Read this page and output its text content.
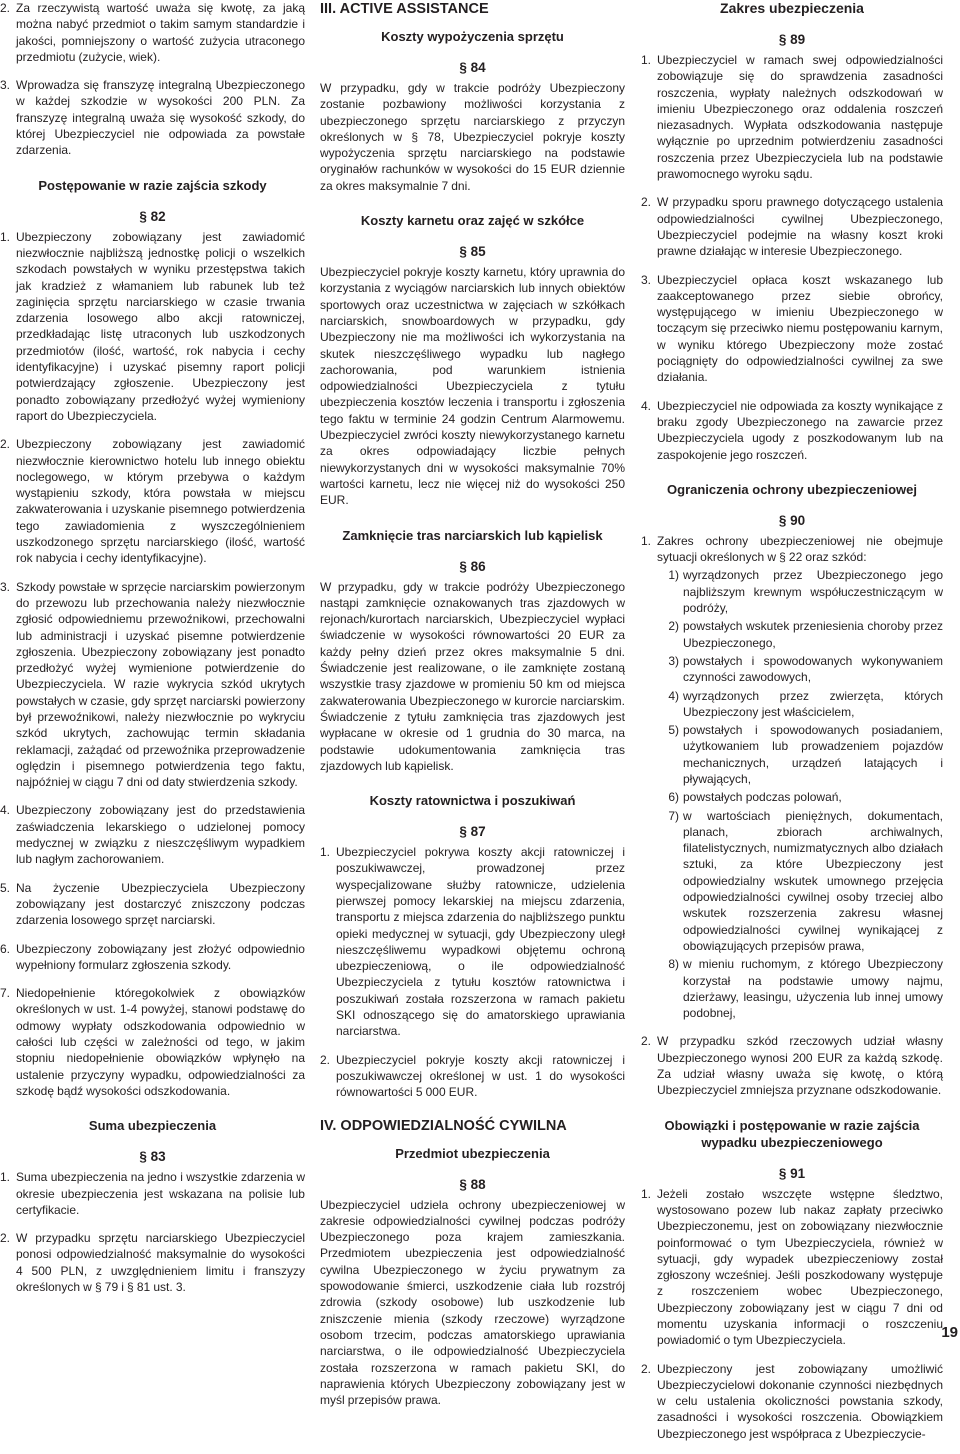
2. Za rzeczywistą wartość uważa się kwotę, za jaką można nabyć przedmiot o takim samym standardzie i jakości, pomniejszony o wartość zużycia utraconego przedmiotu (zużycie, wiek).

3. Wprowadza się franszyzę integralną Ubezpieczonego w każdej szkodzie w wysokości 200 PLN. Za franszyzę integralną uważa się wysokość szkody, do której Ubezpieczyciel nie odpowiada za powstałe zdarzenia.

Postępowanie w razie zajścia szkody
§ 82
1. Ubezpieczony zobowiązany jest zawiadomić niezwłocznie najbliższą jednostkę policji o wszelkich szkodach powstałych w wyniku przestępstwa takich jak kradzież z włamaniem lub rabunek lub też zaginięcia sprzętu narciarskiego w czasie trwania zdarzenia losowego albo akcji ratowniczej, przedkładając listę utraconych lub uszkodzonych przedmiotów (ilość, wartość, rok nabycia i cechy identyfikacyjne) i uzyskać pisemny raport policji potwierdzający zgłoszenie. Ubezpieczony jest ponadto zobowiązany przedłożyć wyżej wymieniony raport do Ubezpieczyciela.

2. Ubezpieczony zobowiązany jest zawiadomić niezwłocznie kierownictwo hotelu lub innego obiektu noclegowego, w którym przebywa o każdym wystąpieniu szkody, która powstała w miejscu zakwaterowania i uzyskanie pisemnego potwierdzenia tego zawiadomienia z wyszczególnieniem uszkodzonego sprzętu narciarskiego (ilość, wartość rok nabycia i cechy identyfikacyjne).

3. Szkody powstałe w sprzęcie narciarskim powierzonym do przewozu lub przechowania należy niezwłocznie zgłosić odpowiedniemu przewoźnikowi, przechowalni lub administracji i uzyskać pisemne potwierdzenie zgłoszenia. Ubezpieczony zobowiązany jest ponadto przedłożyć wyżej wymienione potwierdzenie do Ubezpieczyciela. W razie wykrycia szkód ukrytych powstałych w czasie, gdy sprzęt narciarski powierzony był przewoźnikowi, należy niezwłocznie po wykryciu szkód ukrytych, zachowując termin składania reklamacji, zażądać od przewoźnika przeprowadzenie oględzin i pisemnego potwierdzenia tego faktu, najpóźniej w ciągu 7 dni od daty stwierdzenia szkody.

4. Ubezpieczony zobowiązany jest do przedstawienia zaświadczenia lekarskiego o udzielonej pomocy medycznej w związku z nieszczęśliwym wypadkiem lub nagłym zachorowaniem.

5. Na życzenie Ubezpieczyciela Ubezpieczony zobowiązany jest dostarczyć zniszczony podczas zdarzenia losowego sprzęt narciarski.

6. Ubezpieczony zobowiązany jest złożyć odpowiednio wypełniony formularz zgłoszenia szkody.

7. Niedopełnienie któregokolwiek z obowiązków określonych w ust. 1-4 powyżej, stanowi podstawę do odmowy wypłaty odszkodowania odpowiednio w całości lub części w zależności od tego, w jakim stopniu niedopełnienie obowiązków wpłynęło na ustalenie przyczyny wypadku, odpowiedzialności za szkodę bądź wysokości odszkodowania.

Suma ubezpieczenia
§ 83
1. Suma ubezpieczenia na jedno i wszystkie zdarzenia w okresie ubezpieczenia jest wskazana na polisie lub certyfikacie.

2. W przypadku sprzętu narciarskiego Ubezpieczyciel ponosi odpowiedzialność maksymalnie do wysokości 4 500 PLN, z uwzględnieniem limitu i franszyzy określonych w § 79 i § 81 ust. 3.

III. ACTIVE ASSISTANCE
Koszty wypożyczenia sprzętu
§ 84

W przypadku, gdy w trakcie podróży Ubezpieczony zostanie pozbawiony możliwości korzystania z ubezpieczonego sprzętu narciarskiego z przyczyn określonych w § 78, Ubezpieczyciel pokryje koszty wypożyczenia sprzętu narciarskiego na podstawie oryginałów rachunków w wysokości do 15 EUR dziennie za okres maksymalnie 7 dni.

Koszty karnetu oraz zajęć w szkółce
§ 85

Ubezpieczyciel pokryje koszty karnetu, który uprawnia do korzystania z wyciągów narciarskich lub innych obiektów sportowych oraz uczestnictwa w zajęciach w szkółkach narciarskich, snowboardowych w przypadku, gdy Ubezpieczony nie ma możliwości ich wykorzystania na skutek nieszczęśliwego wypadku lub nagłego zachorowania, pod warunkiem istnienia odpowiedzialności Ubezpieczyciela z tytułu ubezpieczenia kosztów leczenia i transportu i zgłoszenia tego faktu w terminie 24 godzin Centrum Alarmowemu. Ubezpieczyciel zwróci koszty niewykorzystanego karnetu za okres odpowiadający liczbie pełnych niewykorzystanych dni w wysokości maksymalnie 70% wartości karnetu, lecz nie więcej niż do wysokości 250 EUR.

Zamknięcie tras narciarskich lub kąpielisk
§ 86

W przypadku, gdy w trakcie podróży Ubezpieczonego nastąpi zamknięcie oznakowanych tras zjazdowych w rejonach/kurortach narciarskich, Ubezpieczyciel wypłaci świadczenie w wysokości równowartości 20 EUR za każdy pełny dzień przez okres maksymalnie 5 dni. Świadczenie jest realizowane, o ile zamknięte zostaną wszystkie trasy zjazdowe w promieniu 50 km od miejsca zakwaterowania Ubezpieczonego w kurorcie narciarskim. Świadczenie z tytułu zamknięcia tras zjazdowych jest wypłacane w okresie od 1 grudnia do 30 marca, na podstawie udokumentowania zamknięcia tras zjazdowych lub kąpielisk.

Koszty ratownictwa i poszukiwań
§ 87
1. Ubezpieczyciel pokrywa koszty akcji ratowniczej i poszukiwawczej, prowadzonej przez wyspecjalizowane służby ratownicze, udzielenia pierwszej pomocy lekarskiej na miejscu zdarzenia, transportu z miejsca zdarzenia do najbliższego punktu opieki medycznej w sytuacji, gdy Ubezpieczony uległ nieszczęśliwemu wypadkowi objętemu ochroną ubezpieczeniową, o ile odpowiedzialność Ubezpieczyciela z tytułu kosztów ratownictwa i poszukiwań została rozszerzona w ramach pakietu SKI odnoszącego się do amatorskiego uprawiania narciarstwa.

2. Ubezpieczyciel pokryje koszty akcji ratowniczej i poszukiwawczej określonej w ust. 1 do wysokości równowartości 5 000 EUR.

IV. ODPOWIEDZIALNOŚĆ CYWILNA
Przedmiot ubezpieczenia
§ 88

Ubezpieczyciel udziela ochrony ubezpieczeniowej w zakresie odpowiedzialności cywilnej podczas podróży Ubezpieczonego poza krajem zamieszkania. Przedmiotem ubezpieczenia jest odpowiedzialność cywilna Ubezpieczonego w życiu prywatnym za spowodowanie śmierci, uszkodzenie ciała lub rozstrój zdrowia (szkody osobowe) lub uszkodzenie lub zniszczenie mienia (szkody rzeczowe) wyrządzone osobom trzecim, podczas amatorskiego uprawiania narciarstwa, o ile odpowiedzialność Ubezpieczyciela została rozszerzona w ramach pakietu SKI, do naprawienia których Ubezpieczony zobowiązany jest w myśl przepisów prawa.

Zakres ubezpieczenia
§ 89
1. Ubezpieczyciel w ramach swej odpowiedzialności zobowiązuje się do sprawdzenia zasadności roszczenia, wypłaty należnych odszkodowań w imieniu Ubezpieczonego oraz oddalenia roszczeń niezasadnych. Wypłata odszkodowania następuje wyłącznie po uprzednim potwierdzeniu zasadności roszczenia przez Ubezpieczyciela lub na podstawie prawomocnego wyroku sądu.

2. W przypadku sporu prawnego dotyczącego ustalenia odpowiedzialności cywilnej Ubezpieczonego, Ubezpieczyciel podejmie na własny koszt kroki prawne działając w interesie Ubezpieczonego.

3. Ubezpieczyciel opłaca koszt wskazanego lub zaakceptowanego przez siebie obrońcy, występującego w imieniu Ubezpieczonego w toczącym się przeciwko niemu postępowaniu karnym, w wyniku którego Ubezpieczony może zostać pociągnięty do odpowiedzialności cywilnej za swe działania.

4. Ubezpieczyciel nie odpowiada za koszty wynikające z braku zgody Ubezpieczonego na zawarcie przez Ubezpieczyciela ugody z poszkodowanym lub na zaspokojenie jego roszczeń.

Ograniczenia ochrony ubezpieczeniowej
§ 90
1. Zakres ochrony ubezpieczeniowej nie obejmuje sytuacji określonych w § 22 oraz szkód:

1) wyrządzonych przez Ubezpieczonego jego najbliższym krewnym współuczestniczącym w podróży,
2) powstałych wskutek przeniesienia choroby przez Ubezpieczonego,
3) powstałych i spowodowanych wykonywaniem czynności zawodowych,
4) wyrządzonych przez zwierzęta, których Ubezpieczony jest właścicielem,
5) powstałych i spowodowanych posiadaniem, użytkowaniem lub prowadzeniem pojazdów mechanicznych, urządzeń latających i pływających,
6) powstałych podczas polowań,
7) w wartościach pieniężnych, dokumentach, planach, zbiorach archiwalnych, filatelistycznych, numizmatycznych albo działach sztuki, za które Ubezpieczony jest odpowiedzialny wskutek umownego przejęcia odpowiedzialności cywilnej osoby trzeciej albo wskutek rozszerzenia zakresu własnej odpowiedzialności cywilnej wynikającej z obowiązujących przepisów prawa,
8) w mieniu ruchomym, z którego Ubezpieczony korzystał na podstawie umowy najmu, dzierżawy, leasingu, użyczenia lub innej umowy podobnej,
2. W przypadku szkód rzeczowych udział własny Ubezpieczonego wynosi 200 EUR za każdą szkodę. Za udział własny uważa się kwotę, o którą Ubezpieczyciel zmniejsza przyznane odszkodowanie.

Obowiązki i postępowanie w razie zajścia wypadku ubezpieczeniowego
§ 91
1. Jeżeli zostało wszczęte wstępne śledztwo, wystosowano pozew lub nakaz zapłaty przeciwko Ubezpieczonemu, jest on zobowiązany niezwłocznie poinformować o tym Ubezpieczyciela, również w sytuacji, gdy wypadek ubezpieczeniowy został zgłoszony wcześniej. Jeśli poszkodowany występuje z roszczeniem wobec Ubezpieczonego, Ubezpieczony zobowiązany jest w ciągu 7 dni od momentu uzyskania informacji o roszczeniu powiadomić o tym Ubezpieczyciela.

2. Ubezpieczony jest zobowiązany umożliwić Ubezpieczycielowi dokonanie czynności niezbędnych w celu ustalenia okoliczności powstania szkody, zasadności i wysokości roszczenia. Obowiązkiem Ubezpieczonego jest współpraca z Ubezpieczycie-

19
